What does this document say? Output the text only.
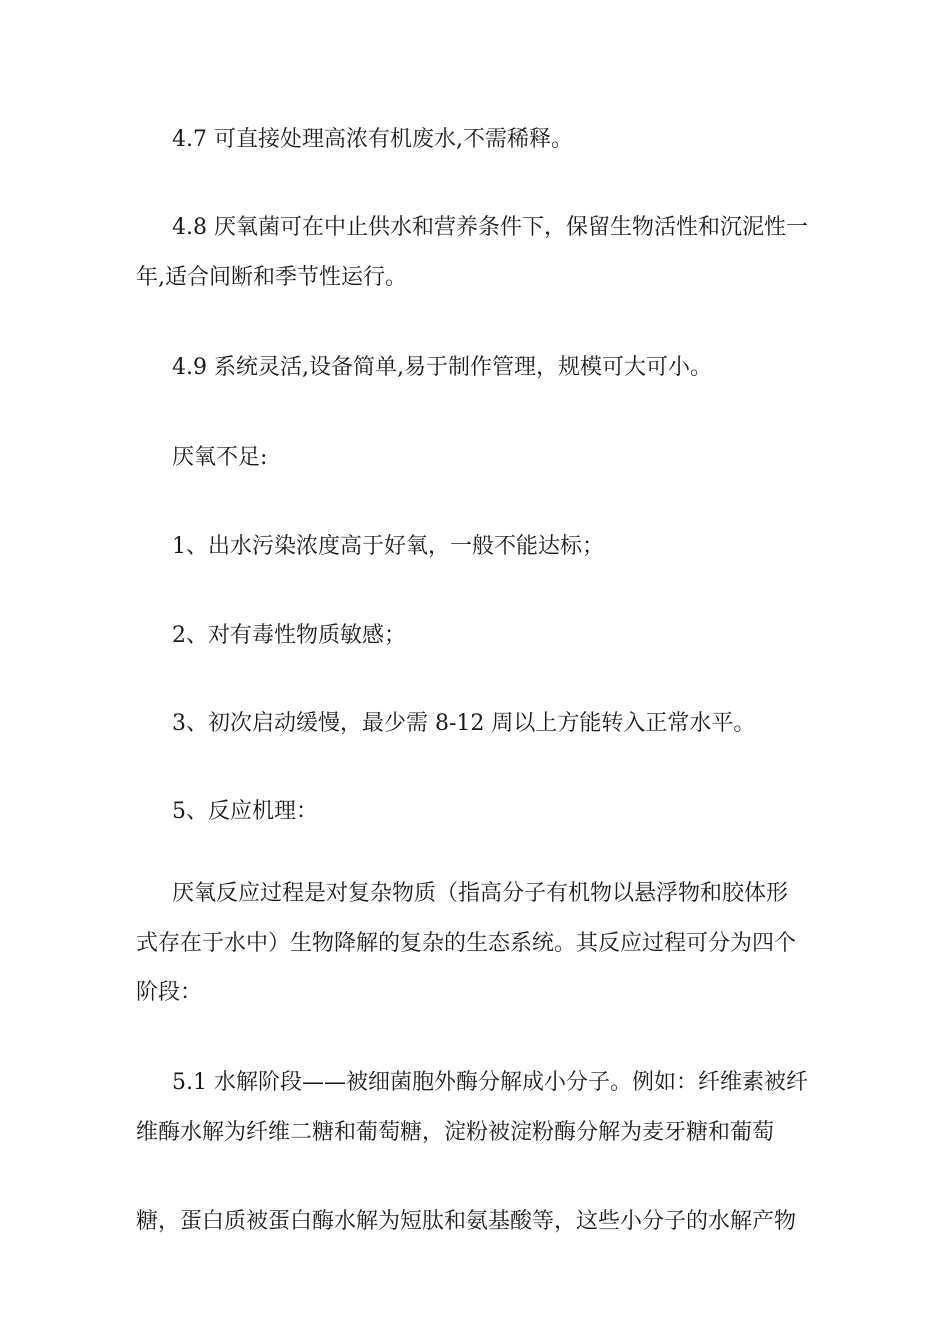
4.7 可直接处理高浓有机废水,不需稀释。
4.8 厌氧菌可在中止供水和营养条件下，保留生物活性和沉泥性一
年,适合间断和季节性运行。
4.9 系统灵活,设备简单,易于制作管理，规模可大可小。
厌氧不足:
1、出水污染浓度高于好氧，一般不能达标；
2、对有毒性物质敏感；
3、初次启动缓慢，最少需 8-12 周以上方能转入正常水平。
5、反应机理：
厌氧反应过程是对复杂物质（指高分子有机物以悬浮物和胶体形
式存在于水中）生物降解的复杂的生态系统。其反应过程可分为四个
阶段：
5.1 水解阶段——被细菌胞外酶分解成小分子。例如：纤维素被纤
维酶水解为纤维二糖和葡萄糖，淀粉被淀粉酶分解为麦牙糖和葡萄
糖，蛋白质被蛋白酶水解为短肽和氨基酸等，这些小分子的水解产物
